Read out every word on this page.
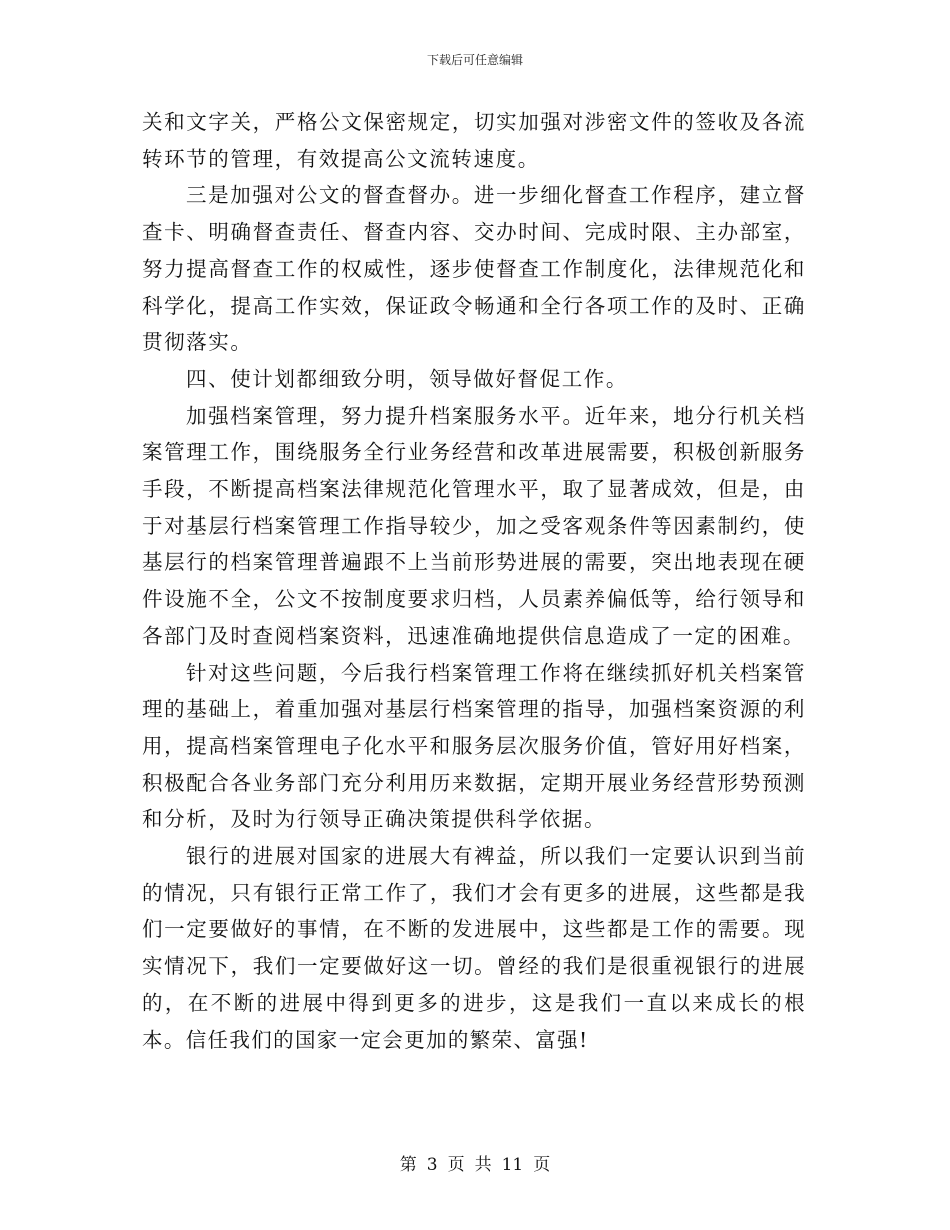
下载后可任意编辑

关和文字关，严格公文保密规定，切实加强对涉密文件的签收及各流转环节的管理，有效提高公文流转速度。

三是加强对公文的督查督办。进一步细化督查工作程序，建立督查卡、明确督查责任、督查内容、交办时间、完成时限、主办部室，努力提高督查工作的权威性，逐步使督查工作制度化，法律规范化和科学化，提高工作实效，保证政令畅通和全行各项工作的及时、正确贯彻落实。

四、使计划都细致分明，领导做好督促工作。

加强档案管理，努力提升档案服务水平。近年来，地分行机关档案管理工作，围绕服务全行业务经营和改革进展需要，积极创新服务手段，不断提高档案法律规范化管理水平，取了显著成效，但是，由于对基层行档案管理工作指导较少，加之受客观条件等因素制约，使基层行的档案管理普遍跟不上当前形势进展的需要，突出地表现在硬件设施不全，公文不按制度要求归档，人员素养偏低等，给行领导和各部门及时查阅档案资料，迅速准确地提供信息造成了一定的困难。

针对这些问题，今后我行档案管理工作将在继续抓好机关档案管理的基础上，着重加强对基层行档案管理的指导，加强档案资源的利用，提高档案管理电子化水平和服务层次服务价值，管好用好档案，积极配合各业务部门充分利用历来数据，定期开展业务经营形势预测和分析，及时为行领导正确决策提供科学依据。

银行的进展对国家的进展大有裨益，所以我们一定要认识到当前的情况，只有银行正常工作了，我们才会有更多的进展，这些都是我们一定要做好的事情，在不断的发进展中，这些都是工作的需要。现实情况下，我们一定要做好这一切。曾经的我们是很重视银行的进展的，在不断的进展中得到更多的进步，这是我们一直以来成长的根本。信任我们的国家一定会更加的繁荣、富强!

第 3 页 共 11 页
